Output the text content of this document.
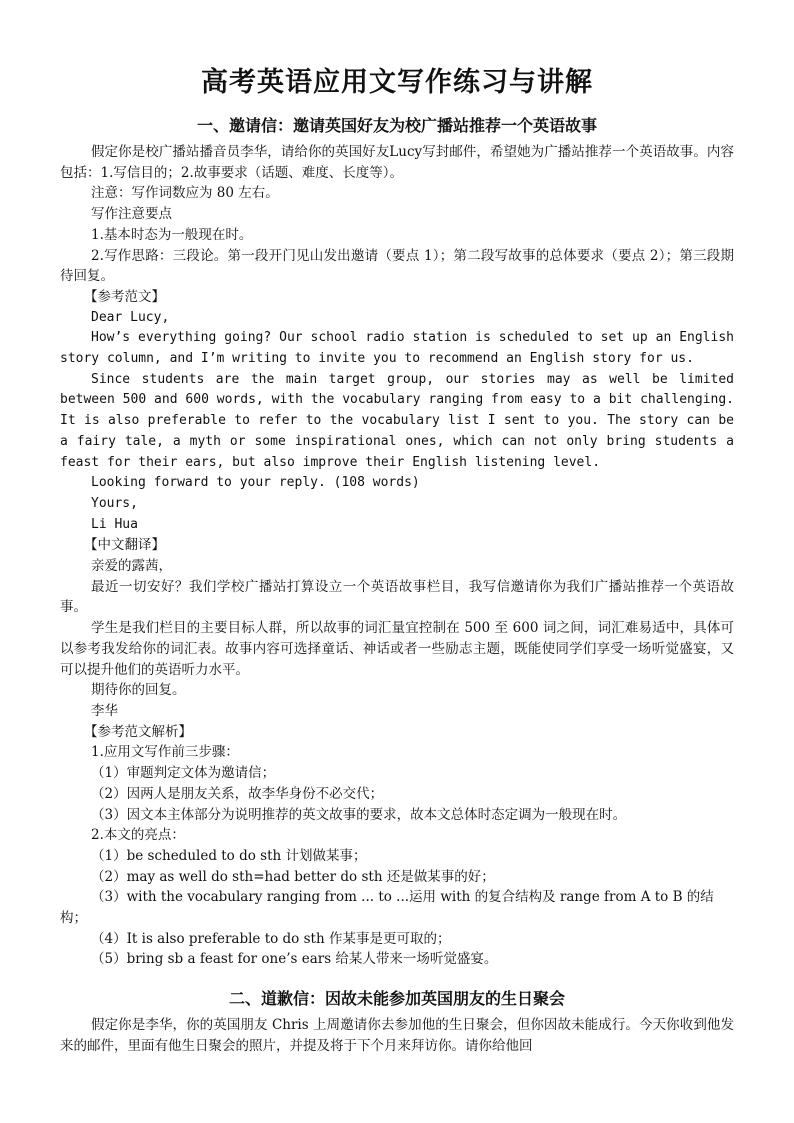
高考英语应用文写作练习与讲解
一、邀请信：邀请英国好友为校广播站推荐一个英语故事

假定你是校广播站播音员李华，请给你的英国好友Lucy写封邮件，希望她为广播站推荐一个英语故事。内容包括：1.写信目的；2.故事要求（话题、难度、长度等）。

注意：写作词数应为 80 左右。

写作注意要点

1.基本时态为一般现在时。

2.写作思路：三段论。第一段开门见山发出邀请（要点 1）；第二段写故事的总体要求（要点 2）；第三段期待回复。

【参考范文】

Dear Lucy,

How’s everything going? Our school radio station is scheduled to set up an English story column, and I’m writing to invite you to recommend an English story for us.

Since students are the main target group, our stories may as well be limited between 500 and 600 words, with the vocabulary ranging from easy to a bit challenging. It is also preferable to refer to the vocabulary list I sent to you. The story can be a fairy tale, a myth or some inspirational ones, which can not only bring students a feast for their ears, but also improve their English listening level.

Looking forward to your reply. (108 words)

Yours,

Li Hua

【中文翻译】

亲爱的露茜，

最近一切安好？我们学校广播站打算设立一个英语故事栏目，我写信邀请你为我们广播站推荐一个英语故事。

学生是我们栏目的主要目标人群，所以故事的词汇量宜控制在 500 至 600 词之间，词汇难易适中，具体可以参考我发给你的词汇表。故事内容可选择童话、神话或者一些励志主题，既能使同学们享受一场听觉盛宴，又可以提升他们的英语听力水平。

期待你的回复。

李华

【参考范文解析】

1.应用文写作前三步骤：

（1）审题判定文体为邀请信；

（2）因两人是朋友关系，故李华身份不必交代；

（3）因文本主体部分为说明推荐的英文故事的要求，故本文总体时态定调为一般现在时。

2.本文的亮点：

（1）be scheduled to do sth 计划做某事；

（2）may as well do sth=had better do sth 还是做某事的好；

（3）with the vocabulary ranging from ... to ...运用 with 的复合结构及 range from A to B 的结构；

（4）It is also preferable to do sth 作某事是更可取的；

（5）bring sb a feast for one’s ears 给某人带来一场听觉盛宴。

二、道歉信：因故未能参加英国朋友的生日聚会

假定你是李华，你的英国朋友 Chris 上周邀请你去参加他的生日聚会，但你因故未能成行。今天你收到他发来的邮件，里面有他生日聚会的照片，并提及将于下个月来拜访你。请你给他回
